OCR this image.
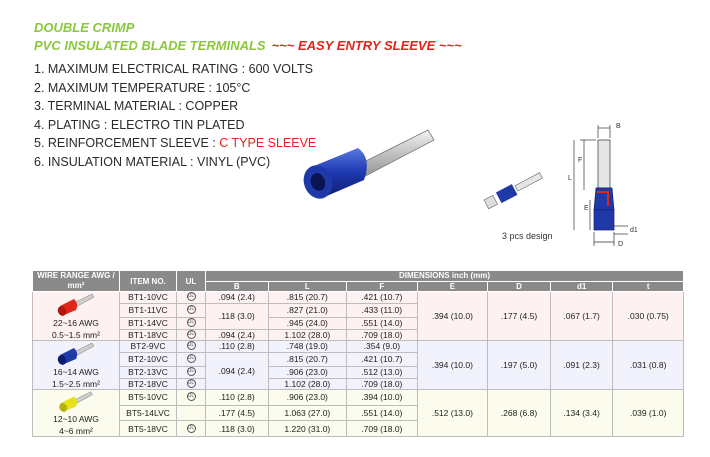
DOUBLE CRIMP
PVC INSULATED BLADE TERMINALS ~~~ EASY ENTRY SLEEVE ~~~
1. MAXIMUM ELECTRICAL RATING : 600 VOLTS
2. MAXIMUM TEMPERATURE : 105°C
3. TERMINAL MATERIAL : COPPER
4. PLATING : ELECTRO TIN PLATED
5. REINFORCEMENT SLEEVE : C TYPE SLEEVE
6. INSULATION MATERIAL : VINYL (PVC)
B
F
L
E
d1
D
3 pcs design
WIRE RANGE AWG / mm²	ITEM NO.	UL	DIMENSIONS inch (mm)						
			B	L	F	E	D	d1	t

22~16 AWG
0.5~1.5 mm²	BT1-10VC	UL	.094 (2.4)	.815 (20.7)	.421 (10.7)	.394 (10.0)	.177 (4.5)	.067 (1.7)	.030 (0.75)
	BT1-11VC	UL	.118 (3.0)	.827 (21.0)	.433 (11.0)				
	BT1-14VC	UL		.945 (24.0)	.551 (14.0)				
	BT1-18VC	UL	.094 (2.4)	1.102 (28.0)	.709 (18.0)				

16~14 AWG
1.5~2.5 mm²	BT2-9VC	UL	.110 (2.8)	.748 (19.0)	.354 (9.0)	.394 (10.0)	.197 (5.0)	.091 (2.3)	.031 (0.8)
	BT2-10VC	UL	.094 (2.4)	.815 (20.7)	.421 (10.7)				
	BT2-13VC	UL		.906 (23.0)	.512 (13.0)				
	BT2-18VC	UL		1.102 (28.0)	.709 (18.0)				

12~10 AWG
4~6 mm²	BT5-10VC	UL	.110 (2.8)	.906 (23.0)	.394 (10.0)	.512 (13.0)	.268 (6.8)	.134 (3.4)	.039 (1.0)
	BT5-14LVC		.177 (4.5)	1.063 (27.0)	.551 (14.0)				
	BT5-18VC	UL	.118 (3.0)	1.220 (31.0)	.709 (18.0)				
